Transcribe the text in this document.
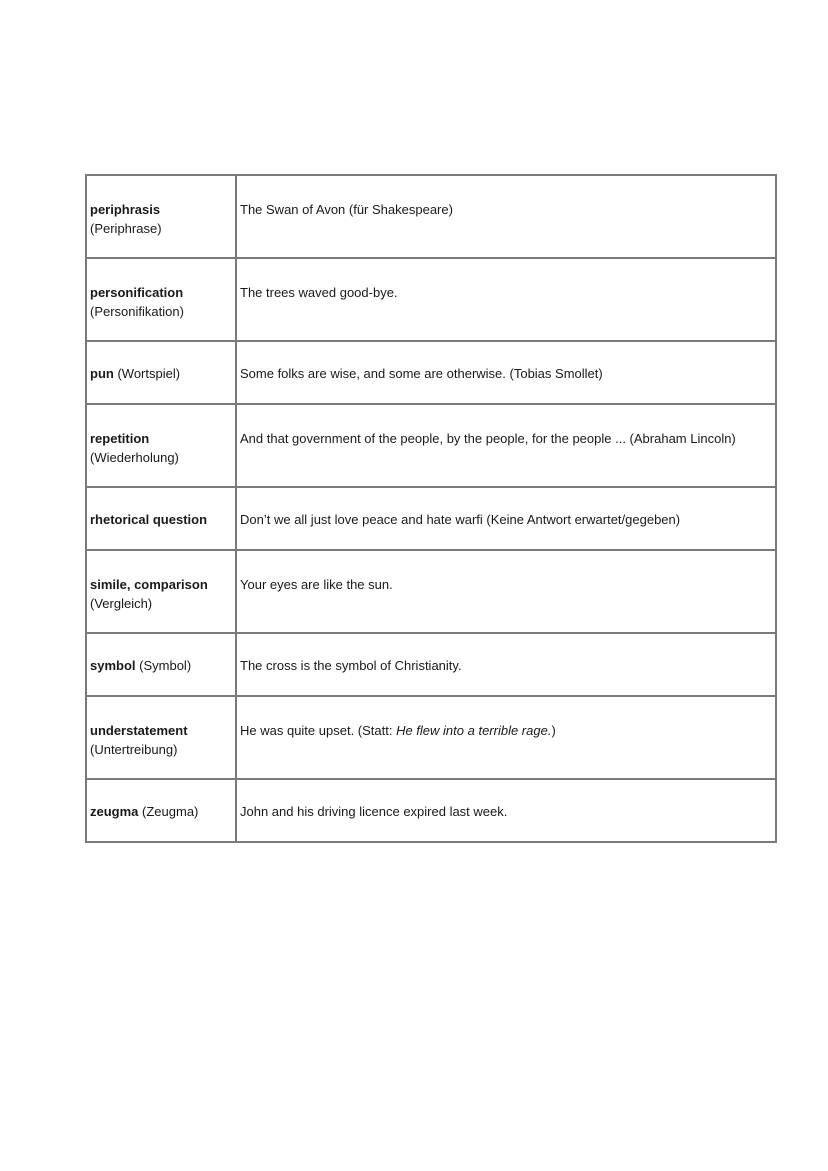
periphrasis
(Periphrase)	The Swan of Avon (für Shakespeare)
personification
(Personifikation)	The trees waved good-bye.
pun (Wortspiel)	Some folks are wise, and some are otherwise. (Tobias Smollet)
repetition
(Wiederholung)	And that government of the people, by the people, for the people ... (Abraham Lincoln)
rhetorical question	Don’t we all just love peace and hate warfi (Keine Antwort erwartet/gegeben)
simile, comparison
(Vergleich)	Your eyes are like the sun.
symbol (Symbol)	The cross is the symbol of Christianity.
understatement
(Untertreibung)	He was quite upset. (Statt: He flew into a terrible rage.)
zeugma (Zeugma)	John and his driving licence expired last week.
